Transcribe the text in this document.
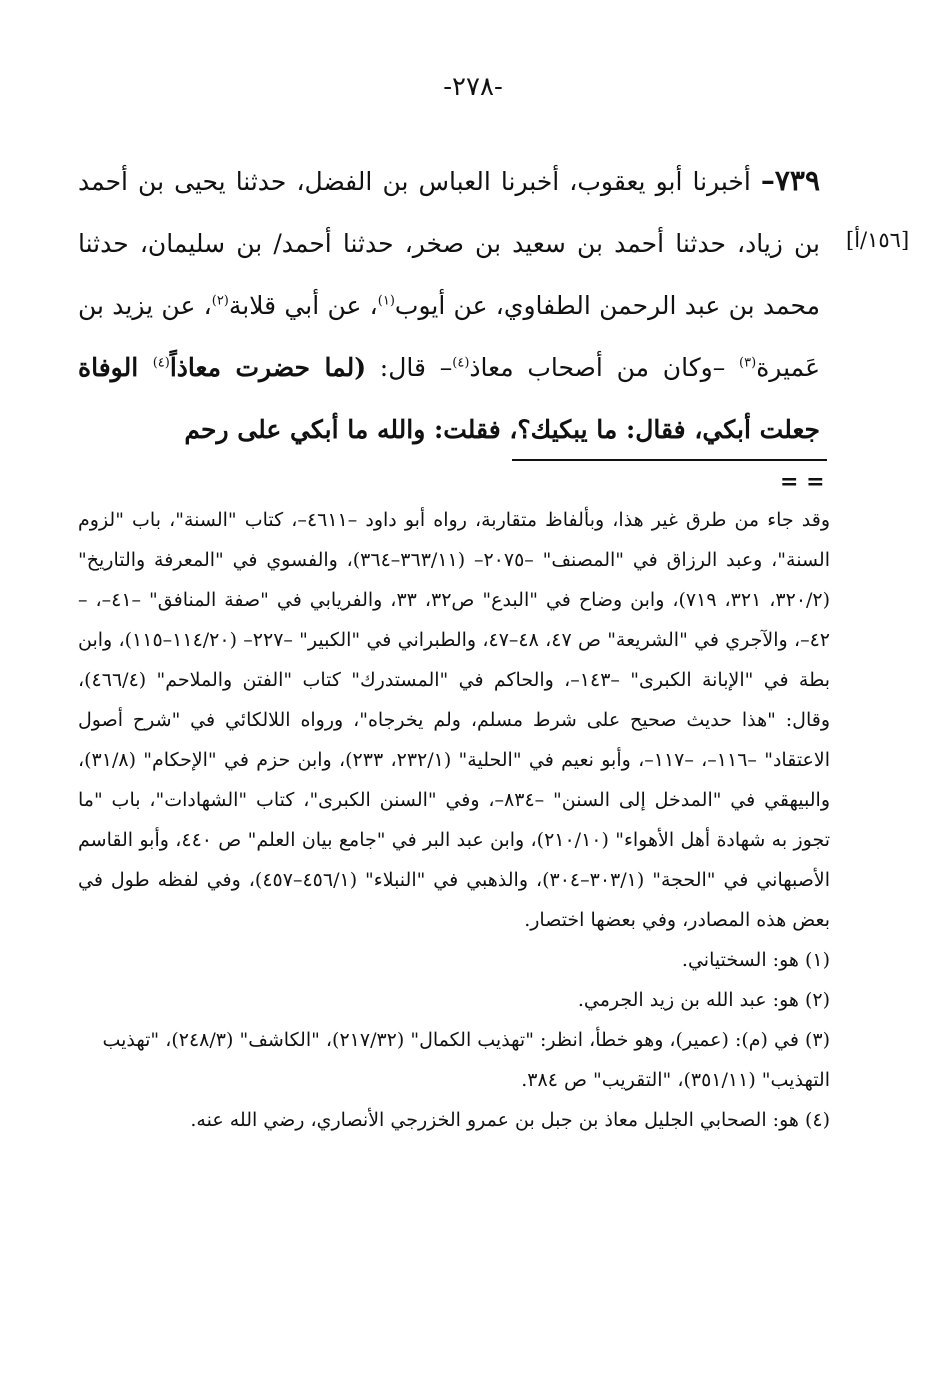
-٢٧٨-
[١٥٦/أ]

٧٣٩– أخبرنا أبو يعقوب، أخبرنا العباس بن الفضل، حدثنا يحيى بن أحمد بن زياد، حدثنا أحمد بن سعيد بن صخر، حدثنا أحمد/ بن سليمان، حدثنا محمد بن عبد الرحمن الطفاوي، عن أيوب$^{(١)}$، عن أبي قلابة$^{(٢)}$، عن يزيد بن عَميرة$^{(٣)}$ –وكان من أصحاب معاذ$^{(٤)}$– قال: (لما حضرت معاذاً$^{(٤)}$ الوفاة جعلت أبكي، فقال: ما يبكيك؟، فقلت: والله ما أبكي على رحم

= =

وقد جاء من طرق غير هذا، وبألفاظ متقاربة، رواه أبو داود –٤٦١١–، كتاب "السنة"، باب "لزوم السنة"، وعبد الرزاق في "المصنف" –٢٠٧٥– (٣٦٣/١١–٣٦٤)، والفسوي في "المعرفة والتاريخ" (٣٢٠/٢، ٣٢١، ٧١٩)، وابن وضاح في "البدع" ص٣٢، ٣٣، والفريابي في "صفة المنافق" –٤١–، –٤٢–، والآجري في "الشريعة" ص ٤٧، ٤٨–٤٧، والطبراني في "الكبير" –٢٢٧– (١١٤/٢٠–١١٥)، وابن بطة في "الإبانة الكبرى" –١٤٣–، والحاكم في "المستدرك" كتاب "الفتن والملاحم" (٤٦٦/٤)، وقال: "هذا حديث صحيح على شرط مسلم، ولم يخرجاه"، ورواه اللالكائي في "شرح أصول الاعتقاد" –١١٦–، –١١٧–، وأبو نعيم في "الحلية" (٢٣٢/١، ٢٣٣)، وابن حزم في "الإحكام" (٣١/٨)، والبيهقي في "المدخل إلى السنن" –٨٣٤–، وفي "السنن الكبرى"، كتاب "الشهادات"، باب "ما تجوز به شهادة أهل الأهواء" (٢١٠/١٠)، وابن عبد البر في "جامع بيان العلم" ص ٤٤٠، وأبو القاسم الأصبهاني في "الحجة" (٣٠٣/١–٣٠٤)، والذهبي في "النبلاء" (٤٥٦/١–٤٥٧)، وفي لفظه طول في بعض هذه المصادر، وفي بعضها اختصار.

(١) هو: السختياني.

(٢) هو: عبد الله بن زيد الجرمي.

(٣) في (م): (عمير)، وهو خطأ، انظر: "تهذيب الكمال" (٢١٧/٣٢)، "الكاشف" (٢٤٨/٣)، "تهذيب التهذيب" (٣٥١/١١)، "التقريب" ص ٣٨٤.

(٤) هو: الصحابي الجليل معاذ بن جبل بن عمرو الخزرجي الأنصاري، رضي الله عنه.
